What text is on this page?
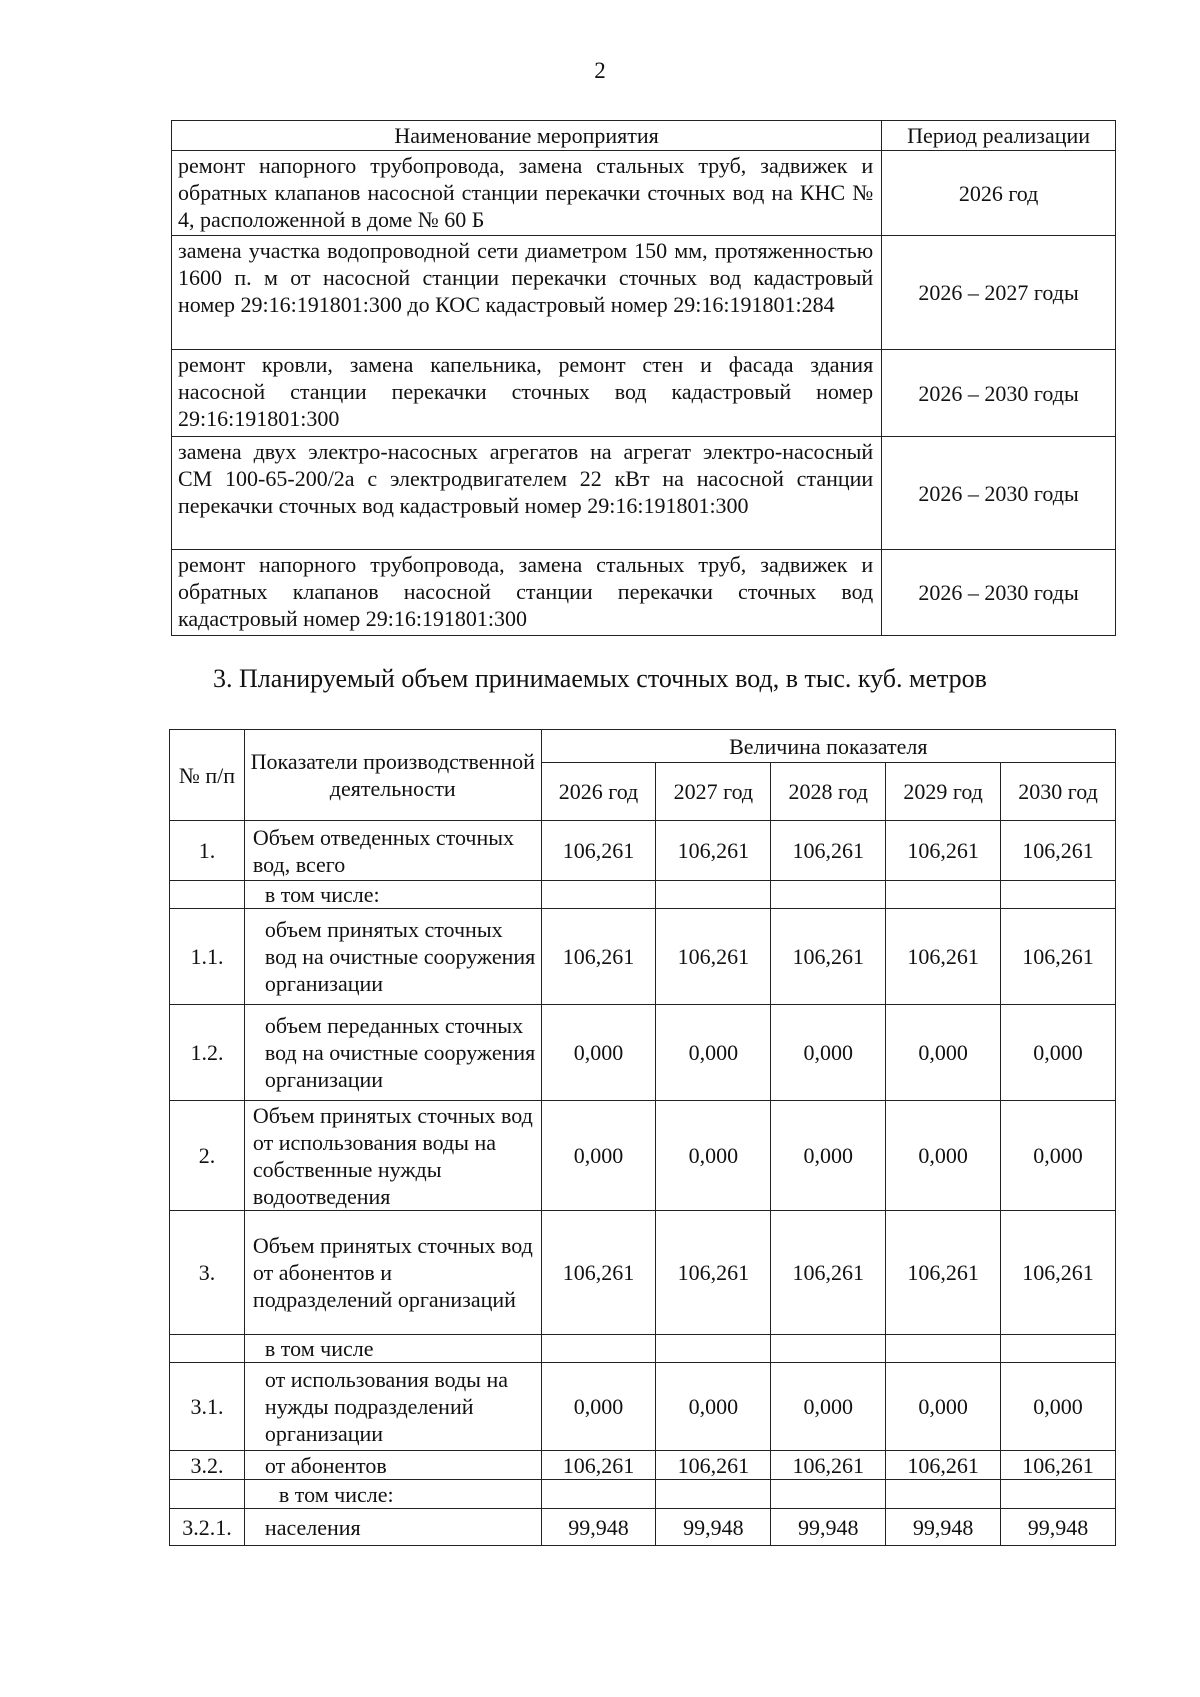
2
Наименование мероприятия	Период реализации
ремонт напорного трубопровода, замена стальных труб, задвижек и обратных клапанов насосной станции перекачки сточных вод на КНС № 4, расположенной в доме № 60 Б	2026 год
замена участка водопроводной сети диаметром 150 мм, протяженностью 1600 п. м от насосной станции перекачки сточных вод кадастровый номер 29:16:191801:300 до КОС кадастровый номер 29:16:191801:284	2026 – 2027 годы
ремонт кровли, замена капельника, ремонт стен и фасада здания насосной станции перекачки сточных вод кадастровый номер 29:16:191801:300	2026 – 2030 годы
замена двух электро-насосных агрегатов на агрегат электро-насосный СМ 100-65-200/2а с электродвигателем 22 кВт на насосной станции перекачки сточных вод кадастровый номер 29:16:191801:300	2026 – 2030 годы
ремонт напорного трубопровода, замена стальных труб, задвижек и обратных клапанов насосной станции перекачки сточных вод кадастровый номер 29:16:191801:300	2026 – 2030 годы
3. Планируемый объем принимаемых сточных вод, в тыс. куб. метров
№ п/п	Показатели производственной деятельности	Величина показателя				
		2026 год	2027 год	2028 год	2029 год	2030 год
1.	Объем отведенных сточных вод, всего	106,261	106,261	106,261	106,261	106,261
	в том числе:					
1.1.	объем принятых сточных вод на очистные сооружения организации	106,261	106,261	106,261	106,261	106,261
1.2.	объем переданных сточных вод на очистные сооружения организации	0,000	0,000	0,000	0,000	0,000
2.	Объем принятых сточных вод от использования воды на собственные нужды водоотведения	0,000	0,000	0,000	0,000	0,000
3.	Объем принятых сточных вод от абонентов и подразделений организаций	106,261	106,261	106,261	106,261	106,261
	в том числе					
3.1.	от использования воды на нужды подразделений организации	0,000	0,000	0,000	0,000	0,000
3.2.	от абонентов	106,261	106,261	106,261	106,261	106,261
	в том числе:					
3.2.1.	населения	99,948	99,948	99,948	99,948	99,948
